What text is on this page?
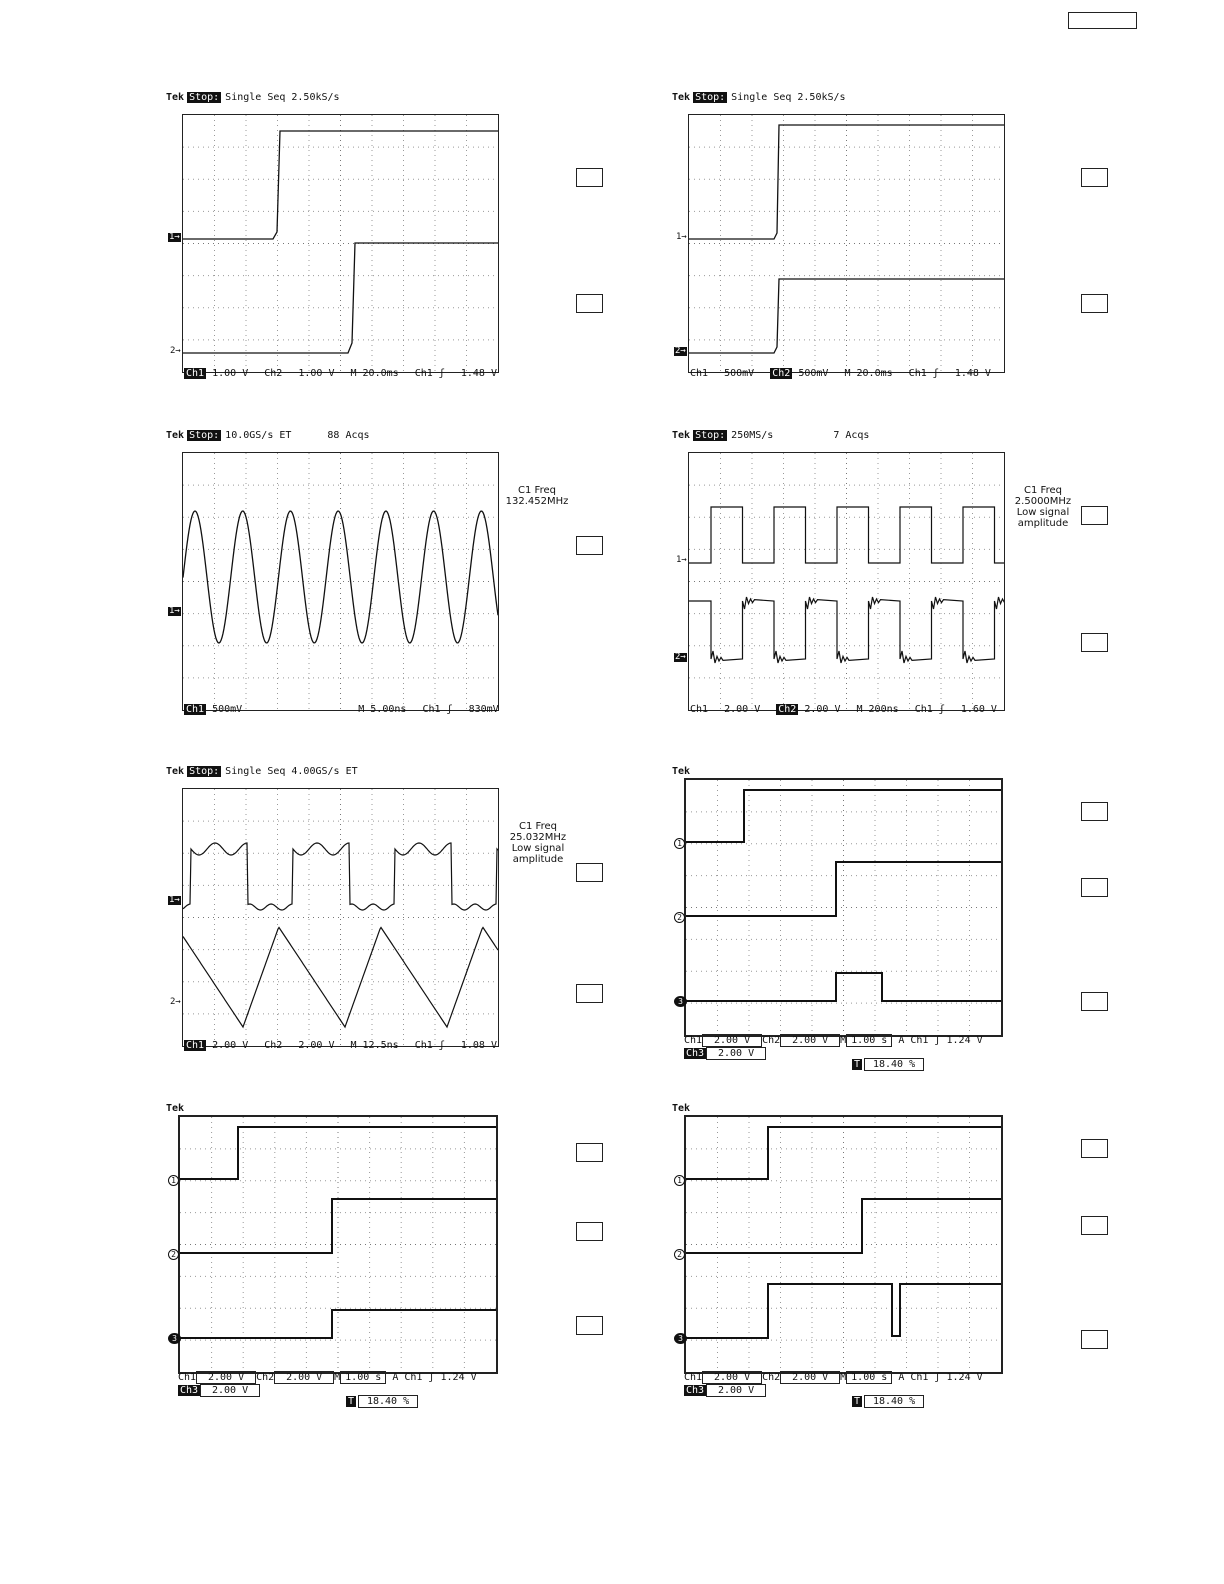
Tek Stop: Single Seq 2.50kS/s
1→
2→
Ch1 1.00 V Ch2 1.00 V M 20.0ms Ch1 ʃ 1.48 V
Tek Stop: Single Seq 2.50kS/s
1→
2→
Ch1 500mV Ch2 500mV M 20.0ms Ch1 ʃ 1.48 V
Tek Stop: 10.0GS/s ET	88 Acqs
1→
C1 Freq
132.452MHz
Ch1 500mV	M 5.00ns Ch1 ʃ 830mV
Tek Stop: 250MS/s	7 Acqs
1→
2→
C1 Freq
2.5000MHz
Low signal
amplitude
Ch1 2.00 V Ch2 2.00 V M 200ns Ch1 ʃ 1.60 V
Tek Stop: Single Seq 4.00GS/s ET
1→
2→
C1 Freq
25.032MHz
Low signal
amplitude
Ch1 2.00 V Ch2 2.00 V M 12.5ns Ch1 ʃ 1.08 V
Tek
1
2
3
Ch1 2.00 V Ch2 2.00 V M 1.00 s A Ch1 ʃ 1.24 V
Ch3 2.00 V
T 18.40 %
Tek
1
2
3
Ch1 2.00 V Ch2 2.00 V M 1.00 s A Ch1 ʃ 1.24 V
Ch3 2.00 V
T 18.40 %
Tek
1
2
3
Ch1 2.00 V Ch2 2.00 V M 1.00 s A Ch1 ʃ 1.24 V
Ch3 2.00 V
T 18.40 %
